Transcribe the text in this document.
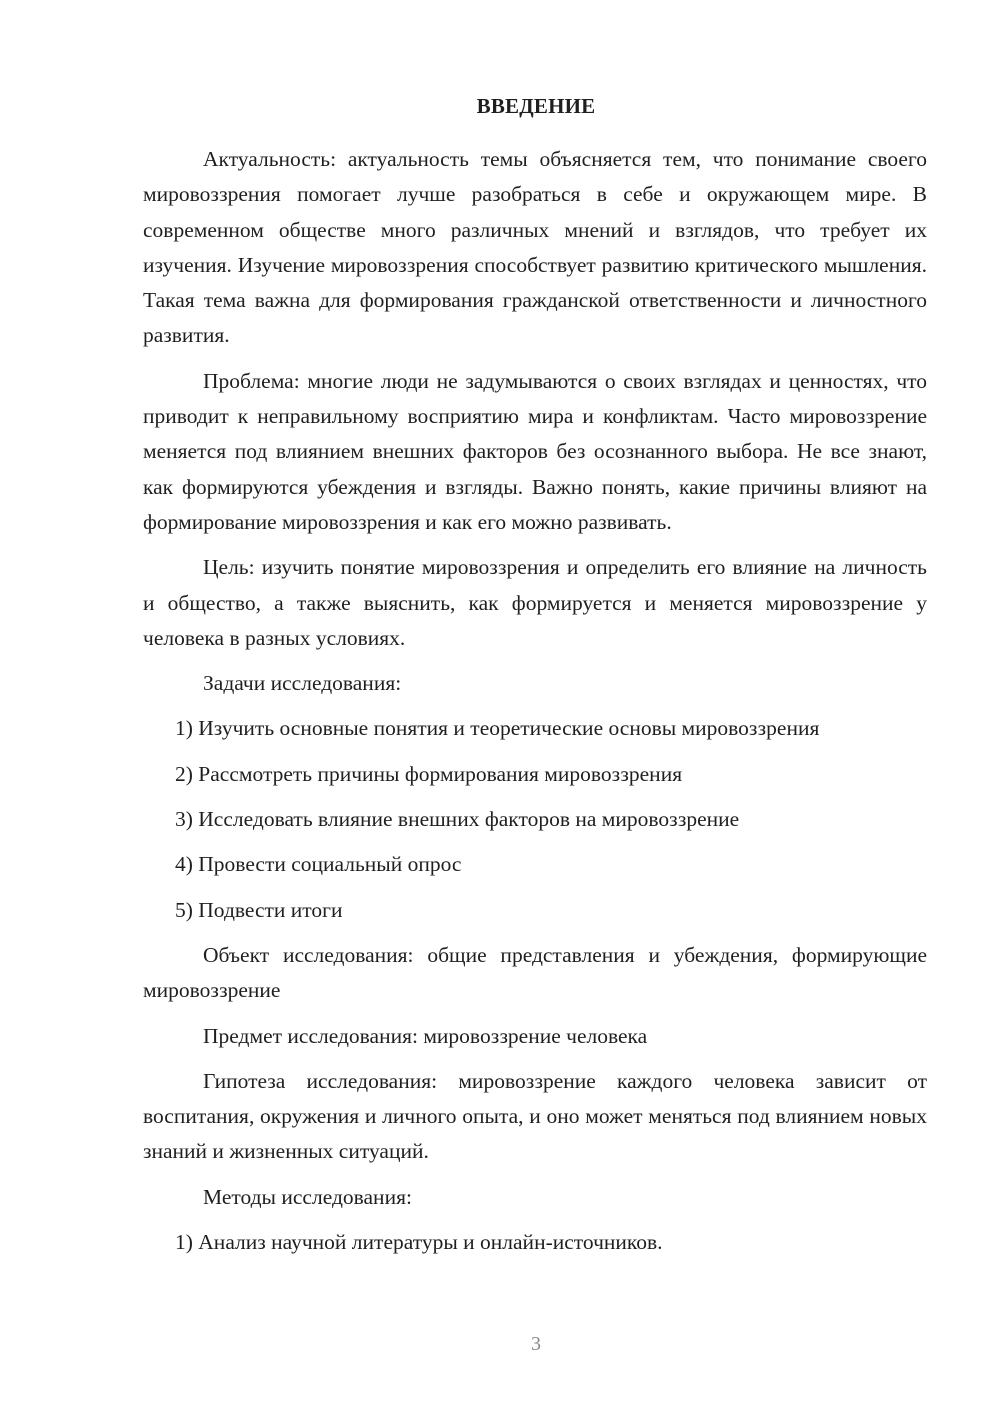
ВВЕДЕНИЕ

Актуальность: актуальность темы объясняется тем, что понимание своего мировоззрения помогает лучше разобраться в себе и окружающем мире. В современном обществе много различных мнений и взглядов, что требует их изучения. Изучение мировоззрения способствует развитию критического мышления. Такая тема важна для формирования гражданской ответственности и личностного развития.

Проблема: многие люди не задумываются о своих взглядах и ценностях, что приводит к неправильному восприятию мира и конфликтам. Часто мировоззрение меняется под влиянием внешних факторов без осознанного выбора. Не все знают, как формируются убеждения и взгляды. Важно понять, какие причины влияют на формирование мировоззрения и как его можно развивать.

Цель: изучить понятие мировоззрения и определить его влияние на личность и общество, а также выяснить, как формируется и меняется мировоззрение у человека в разных условиях.

Задачи исследования:

1) Изучить основные понятия и теоретические основы мировоззрения

2) Рассмотреть причины формирования мировоззрения

3) Исследовать влияние внешних факторов на мировоззрение

4) Провести социальный опрос

5) Подвести итоги

Объект исследования: общие представления и убеждения, формирующие мировоззрение

Предмет исследования: мировоззрение человека

Гипотеза исследования: мировоззрение каждого человека зависит от воспитания, окружения и личного опыта, и оно может меняться под влиянием новых знаний и жизненных ситуаций.

Методы исследования:

1) Анализ научной литературы и онлайн-источников.

3
